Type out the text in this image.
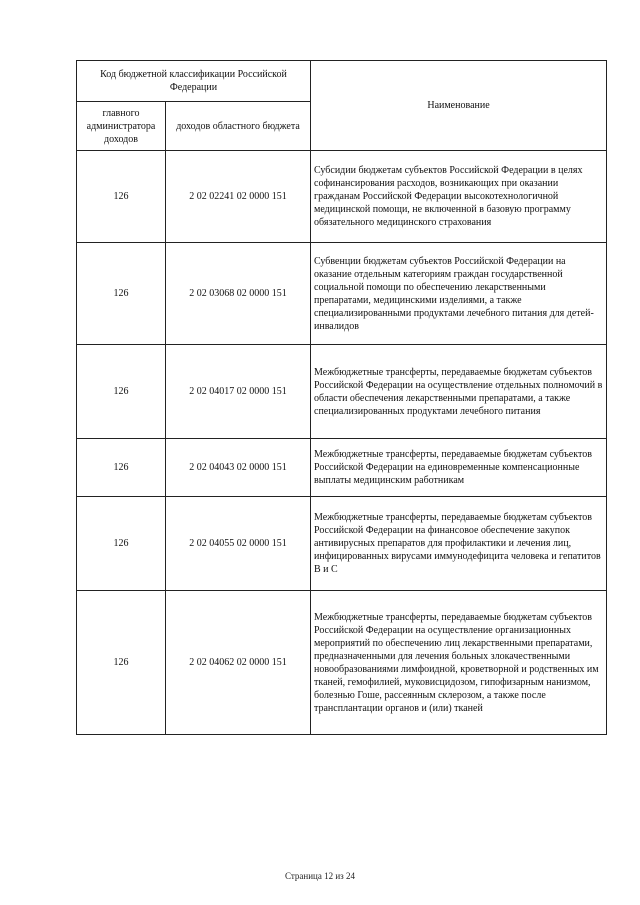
Код бюджетной классификации Российской Федерации		Наименование
главного администратора доходов	доходов областного бюджета	
126	2 02 02241 02 0000 151	Субсидии бюджетам субъектов Российской Федерации в целях софинансирования расходов, возникающих при оказании гражданам Российской Федерации высокотехнологичной медицинской помощи, не включенной в базовую программу обязательного медицинского страхования
126	2 02 03068 02 0000 151	Субвенции бюджетам субъектов Российской Федерации на оказание отдельным категориям граждан государственной социальной помощи по обеспечению лекарственными препаратами, медицинскими изделиями, а также специализированными продуктами лечебного питания для детей-инвалидов
126	2 02 04017 02 0000 151	Межбюджетные трансферты, передаваемые бюджетам субъектов Российской Федерации на осуществление отдельных полномочий в области обеспечения лекарственными препаратами, а также специализированных продуктами лечебного питания
126	2 02 04043 02 0000 151	Межбюджетные трансферты, передаваемые бюджетам субъектов Российской Федерации на единовременные компенсационные выплаты медицинским работникам
126	2 02 04055 02 0000 151	Межбюджетные трансферты, передаваемые бюджетам субъектов Российской Федерации на финансовое обеспечение закупок антивирусных препаратов для профилактики и лечения лиц, инфицированных вирусами иммунодефицита человека и гепатитов В и С
126	2 02 04062 02 0000 151	Межбюджетные трансферты, передаваемые бюджетам субъектов Российской Федерации на осуществление организационных мероприятий по обеспечению лиц лекарственными препаратами, предназначенными для лечения больных злокачественными новообразованиями лимфоидной, кроветворной и родственных им тканей, гемофилией, муковисцидозом, гипофизарным нанизмом, болезнью Гоше, рассеянным склерозом, а также после трансплантации органов и (или) тканей
Страница 12 из 24
